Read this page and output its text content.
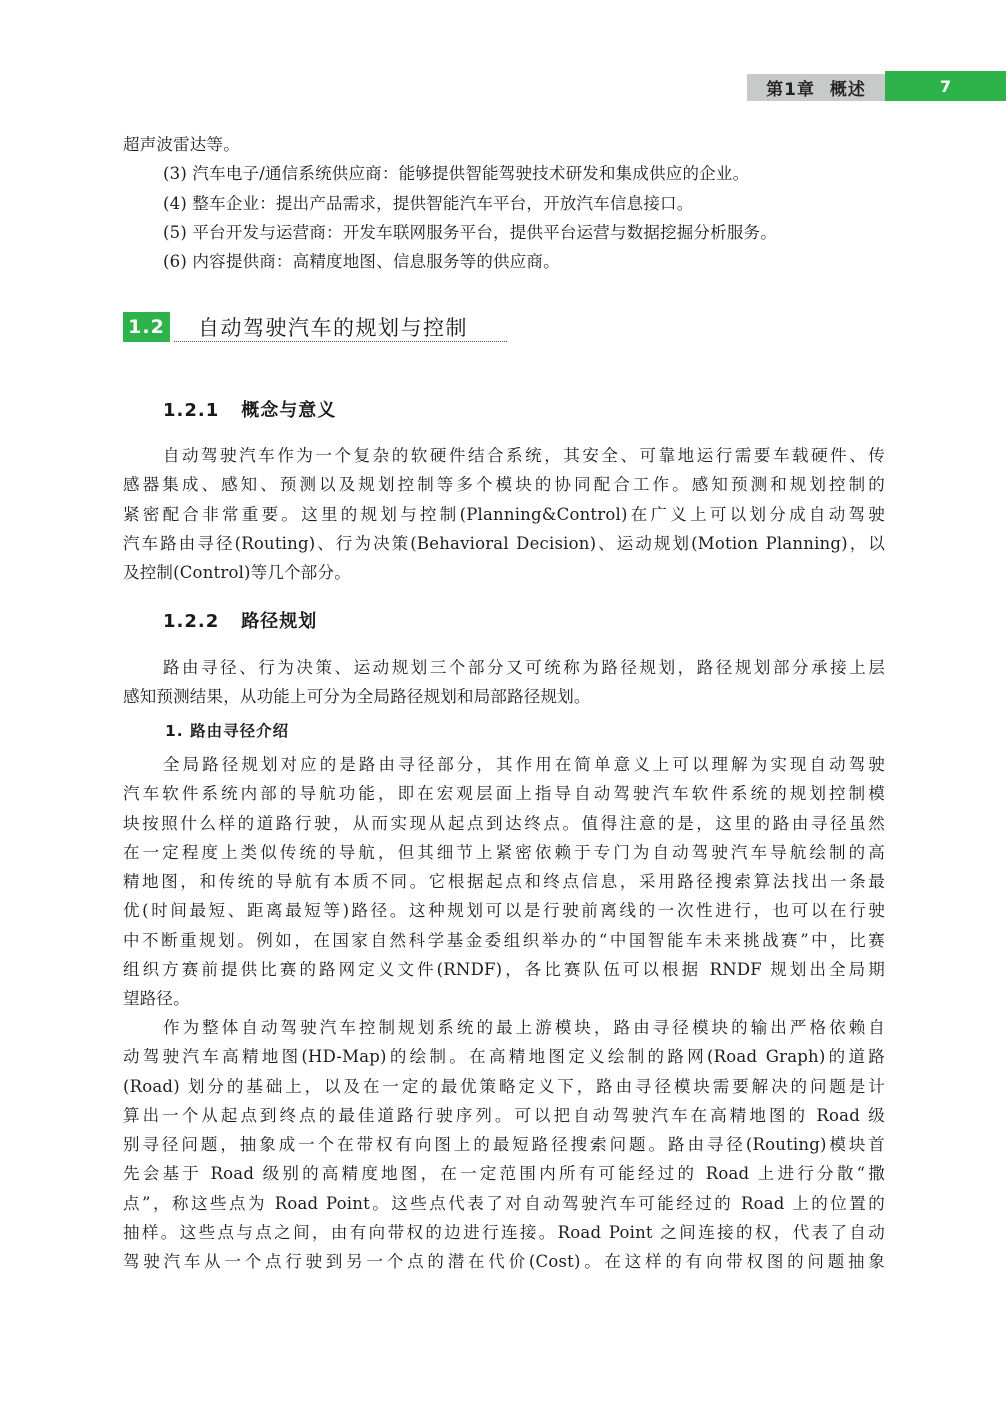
第1章 概述	7
超声波雷达等。
(3) 汽车电子/通信系统供应商：能够提供智能驾驶技术研发和集成供应的企业。
(4) 整车企业：提出产品需求，提供智能汽车平台，开放汽车信息接口。
(5) 平台开发与运营商：开发车联网服务平台，提供平台运营与数据挖掘分析服务。
(6) 内容提供商：高精度地图、信息服务等的供应商。
1.2 自动驾驶汽车的规划与控制
1.2.1 概念与意义
自动驾驶汽车作为一个复杂的软硬件结合系统，其安全、可靠地运行需要车载硬件、传
感器集成、感知、预测以及规划控制等多个模块的协同配合工作。感知预测和规划控制的
紧密配合非常重要。这里的规划与控制(Planning&Control)在广义上可以划分成自动驾驶
汽车路由寻径(Routing)、行为决策(Behavioral Decision)、运动规划(Motion Planning)，以
及控制(Control)等几个部分。
1.2.2 路径规划
路由寻径、行为决策、运动规划三个部分又可统称为路径规划，路径规划部分承接上层
感知预测结果，从功能上可分为全局路径规划和局部路径规划。
1. 路由寻径介绍
全局路径规划对应的是路由寻径部分，其作用在简单意义上可以理解为实现自动驾驶
汽车软件系统内部的导航功能，即在宏观层面上指导自动驾驶汽车软件系统的规划控制模
块按照什么样的道路行驶，从而实现从起点到达终点。值得注意的是，这里的路由寻径虽然
在一定程度上类似传统的导航，但其细节上紧密依赖于专门为自动驾驶汽车导航绘制的高
精地图，和传统的导航有本质不同。它根据起点和终点信息，采用路径搜索算法找出一条最
优(时间最短、距离最短等)路径。这种规划可以是行驶前离线的一次性进行，也可以在行驶
中不断重规划。例如，在国家自然科学基金委组织举办的“中国智能车未来挑战赛”中，比赛
组织方赛前提供比赛的路网定义文件(RNDF)，各比赛队伍可以根据 RNDF 规划出全局期
望路径。
作为整体自动驾驶汽车控制规划系统的最上游模块，路由寻径模块的输出严格依赖自
动驾驶汽车高精地图(HD-Map)的绘制。在高精地图定义绘制的路网(Road Graph)的道路
(Road) 划分的基础上，以及在一定的最优策略定义下，路由寻径模块需要解决的问题是计
算出一个从起点到终点的最佳道路行驶序列。可以把自动驾驶汽车在高精地图的 Road 级
别寻径问题，抽象成一个在带权有向图上的最短路径搜索问题。路由寻径(Routing)模块首
先会基于 Road 级别的高精度地图，在一定范围内所有可能经过的 Road 上进行分散“撒
点”，称这些点为 Road Point。这些点代表了对自动驾驶汽车可能经过的 Road 上的位置的
抽样。这些点与点之间，由有向带权的边进行连接。Road Point 之间连接的权，代表了自动
驾驶汽车从一个点行驶到另一个点的潜在代价(Cost)。在这样的有向带权图的问题抽象
